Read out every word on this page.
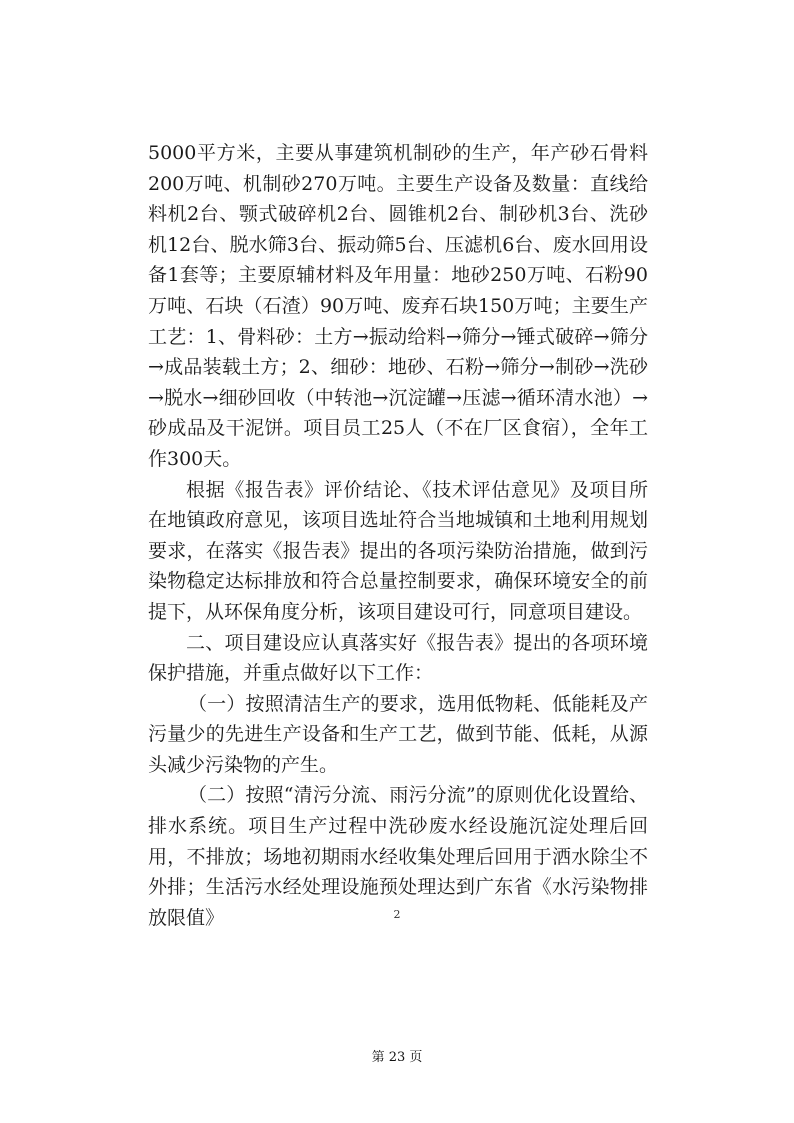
5000平方米，主要从事建筑机制砂的生产，年产砂石骨料200万吨、机制砂270万吨。主要生产设备及数量：直线给料机2台、颚式破碎机2台、圆锥机2台、制砂机3台、洗砂机12台、脱水筛3台、振动筛5台、压滤机6台、废水回用设备1套等；主要原辅材料及年用量：地砂250万吨、石粉90万吨、石块（石渣）90万吨、废弃石块150万吨；主要生产工艺：1、骨料砂：土方→振动给料→筛分→锤式破碎→筛分→成品装载土方；2、细砂：地砂、石粉→筛分→制砂→洗砂→脱水→细砂回收（中转池→沉淀罐→压滤→循环清水池）→砂成品及干泥饼。项目员工25人（不在厂区食宿），全年工作300天。

根据《报告表》评价结论、《技术评估意见》及项目所在地镇政府意见，该项目选址符合当地城镇和土地利用规划要求，在落实《报告表》提出的各项污染防治措施，做到污染物稳定达标排放和符合总量控制要求，确保环境安全的前提下，从环保角度分析，该项目建设可行，同意项目建设。

二、项目建设应认真落实好《报告表》提出的各项环境保护措施，并重点做好以下工作：

（一）按照清洁生产的要求，选用低物耗、低能耗及产污量少的先进生产设备和生产工艺，做到节能、低耗，从源头减少污染物的产生。

（二）按照“清污分流、雨污分流”的原则优化设置给、排水系统。项目生产过程中洗砂废水经设施沉淀处理后回用，不排放；场地初期雨水经收集处理后回用于洒水除尘不外排；生活污水经处理设施预处理达到广东省《水污染物排放限值》	2
第 23 页
